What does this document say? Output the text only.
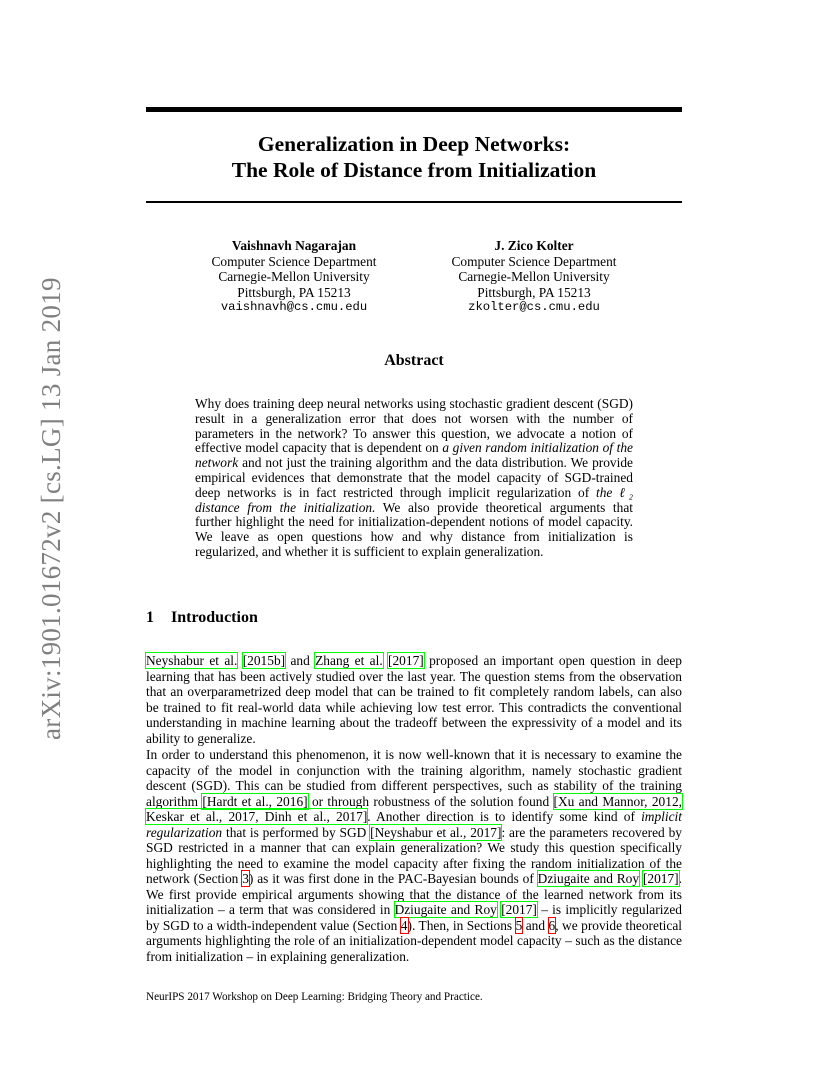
arXiv:1901.01672v2 [cs.LG] 13 Jan 2019
Generalization in Deep Networks:
The Role of Distance from Initialization
Vaishnavh Nagarajan
Computer Science Department
Carnegie-Mellon University
Pittsburgh, PA 15213
vaishnavh@cs.cmu.edu
J. Zico Kolter
Computer Science Department
Carnegie-Mellon University
Pittsburgh, PA 15213
zkolter@cs.cmu.edu
Abstract
Why does training deep neural networks using stochastic gradient descent (SGD) result in a generalization error that does not worsen with the number of parameters in the network? To answer this question, we advocate a notion of effective model capacity that is dependent on a given random initialization of the network and not just the training algorithm and the data distribution. We provide empirical evidences that demonstrate that the model capacity of SGD-trained deep networks is in fact restricted through implicit regularization of the ℓ₂ distance from the initialization. We also provide theoretical arguments that further highlight the need for initialization-dependent notions of model capacity. We leave as open questions how and why distance from initialization is regularized, and whether it is sufficient to explain generalization.
1 Introduction
Neyshabur et al. [2015b] and Zhang et al. [2017] proposed an important open question in deep learning that has been actively studied over the last year. The question stems from the observation that an overparametrized deep model that can be trained to fit completely random labels, can also be trained to fit real-world data while achieving low test error. This contradicts the conventional understanding in machine learning about the tradeoff between the expressivity of a model and its ability to generalize.
In order to understand this phenomenon, it is now well-known that it is necessary to examine the capacity of the model in conjunction with the training algorithm, namely stochastic gradient descent (SGD). This can be studied from different perspectives, such as stability of the training algorithm [Hardt et al., 2016] or through robustness of the solution found [Xu and Mannor, 2012, Keskar et al., 2017, Dinh et al., 2017]. Another direction is to identify some kind of implicit regularization that is performed by SGD [Neyshabur et al., 2017]: are the parameters recovered by SGD restricted in a manner that can explain generalization? We study this question specifically highlighting the need to examine the model capacity after fixing the random initialization of the network (Section 3) as it was first done in the PAC-Bayesian bounds of Dziugaite and Roy [2017]. We first provide empirical arguments showing that the distance of the learned network from its initialization – a term that was considered in Dziugaite and Roy [2017] – is implicitly regularized by SGD to a width-independent value (Section 4). Then, in Sections 5 and 6, we provide theoretical arguments highlighting the role of an initialization-dependent model capacity – such as the distance from initialization – in explaining generalization.
NeurIPS 2017 Workshop on Deep Learning: Bridging Theory and Practice.
